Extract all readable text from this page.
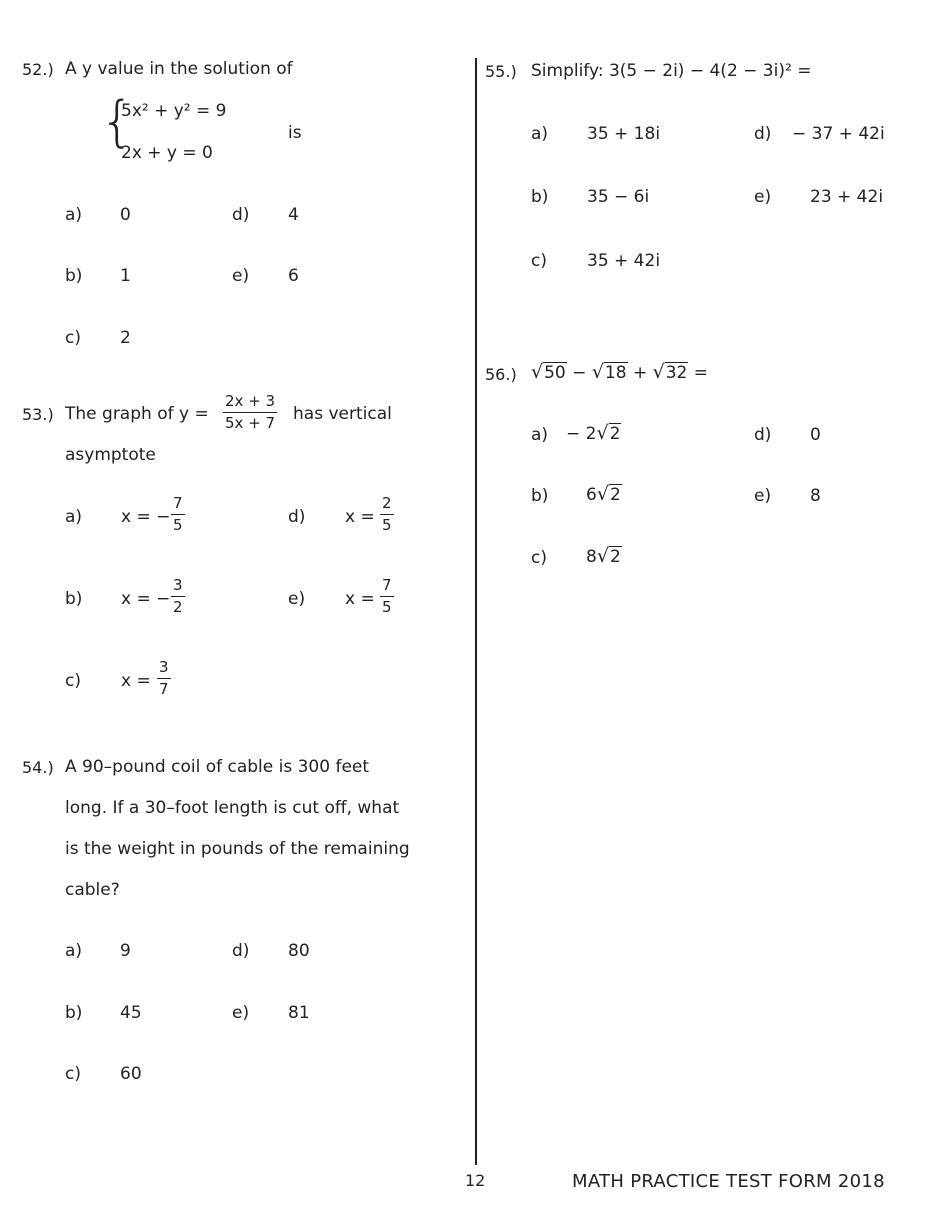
52.) A y value in the solution of
{
5x² + y² = 9
2x + y = 0
is
a) 0	d) 4
b) 1	e) 6
c) 2
53.) The graph of $y = \frac{2x + 3}{5x + 7}$ has vertical
asymptote
a) x = − $\frac{7}{5}$	d) $x = \frac{2}{5}$
b) x = − $\frac{3}{2}$	e) $x = \frac{7}{5}$
c) $x = \frac{3}{7}$
54.) A 90–pound coil of cable is 300 feet
long. If a 30–foot length is cut off, what
is the weight in pounds of the remaining
cable?
a) 9	d) 80
b) 45	e) 81
c) 60
55.) Simplify: 3(5 − 2i) − 4(2 − 3i)² =
a) 35 + 18i	d) − 37 + 42i
b) 35 − 6i	e) 23 + 42i
c) 35 + 42i
56.) √50 − √18 + √32 =
a) − 2√2	d) 0
b) 6√2	e) 8
c) 8√2
12	MATH PRACTICE TEST FORM 2018
